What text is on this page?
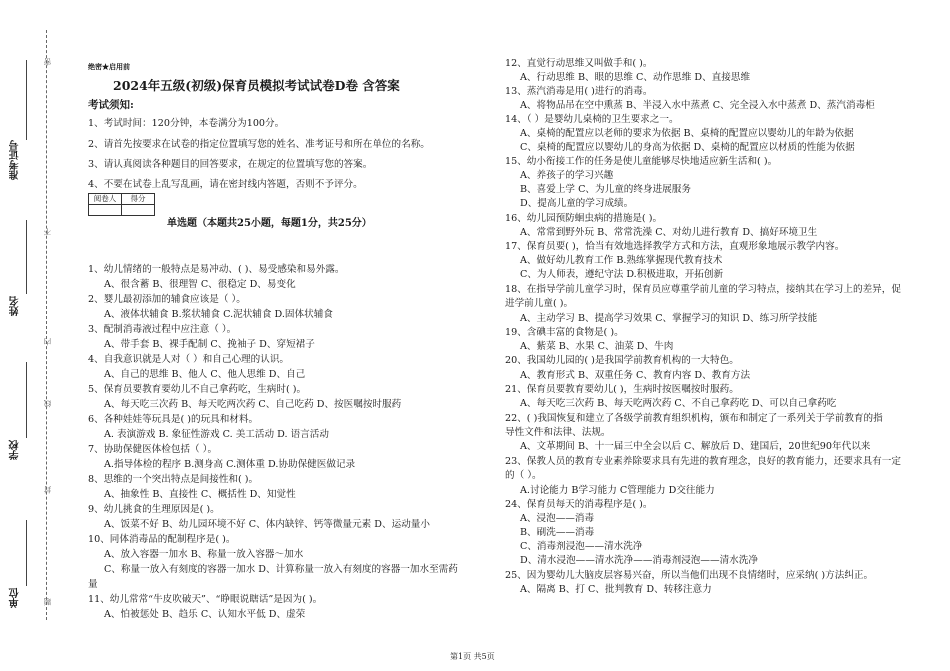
密
不
内
线
封
题
准考证号
姓名
学校
单位
绝密★启用前
2024年五级(初级)保育员模拟考试试卷D卷 含答案
考试须知:
1、考试时间：120分钟，本卷满分为100分。
2、请首先按要求在试卷的指定位置填写您的姓名、准考证号和所在单位的名称。
3、请认真阅读各种题目的回答要求，在规定的位置填写您的答案。
4、不要在试卷上乱写乱画，请在密封线内答题，否则不予评分。
阅卷人	得分

单选题（本题共25小题，每题1分，共25分）
1、幼儿情绪的一般特点是易冲动、( )、易受感染和易外露。
A、很含蓄 B、很理智 C、很稳定 D、易变化
2、婴儿最初添加的辅食应该是（ ）。
A、液体状辅食 B.浆状辅食 C.泥状辅食 D.固体状辅食
3、配制消毒液过程中应注意（ ）。
A、带手套 B、裸手配制 C、挽袖子 D、穿短裙子
4、自我意识就是人对（ ）和自己心理的认识。
A、自己的思维 B、他人 C、他人思维 D、自己
5、保育员要教育要幼儿不自己拿药吃，生病时( )。
A、每天吃三次药 B、每天吃两次药 C、自己吃药 D、按医嘱按时服药
6、各种娃娃等玩具是( )的玩具和材料。
A. 表演游戏 B. 象征性游戏 C. 美工活动 D. 语言活动
7、协助保健医体检包括（ ）。
A.指导体检的程序 B.测身高 C.测体重 D.协助保健医做记录
8、思维的一个突出特点是间接性和( )。
A、抽象性 B、直接性 C、概括性 D、知觉性
9、幼儿挑食的生理原因是( )。
A、饭菜不好 B、幼儿园环境不好 C、体内缺锌、钙等微量元素 D、运动量小
10、同体消毒品的配制程序是( )。
A、放入容器一加水 B、称量一放入容器～加水
C、称量一放入有刻度的容器一加水 D、计算称量一放入有刻度的容器一加水至需药
量
11、幼儿常常“牛皮吹破天”、“睁眼说瞎话”是因为( )。
A、怕被惩处 B、趋乐 C、认知水平低 D、虚荣
12、直觉行动思维又叫做手和( )。
A、行动思维 B、眼的思维 C、动作思维 D、直接思维
13、蒸汽消毒是用( )进行的消毒。
A、将物品吊在空中熏蒸 B、半浸入水中蒸煮 C、完全浸入水中蒸煮 D、蒸汽消毒柜
14、（ ）是婴幼儿桌椅的卫生要求之一。
A、桌椅的配置应以老师的要求为依据 B、桌椅的配置应以婴幼儿的年龄为依据
C、桌椅的配置应以婴幼儿的身高为依据 D、桌椅的配置应以材质的性能为依据
15、幼小衔接工作的任务是使儿童能够尽快地适应新生活和( )。
A、养孩子的学习兴趣
B、喜爱上学 C、为儿童的终身进展服务
D、提高儿童的学习成绩。
16、幼儿园预防蛔虫病的措施是( )。
A、常常到野外玩 B、常常洗澡 C、对幼儿进行教育 D、搞好环境卫生
17、保育员要( )，恰当有效地选择教学方式和方法，直观形象地展示教学内容。
A、做好幼儿教育工作 B.熟练掌握现代教育技术
C、为人师表，遵纪守法 D.积极进取，开拓创新
18、在指导学前儿童学习时，保育员应尊重学前儿童的学习特点，接纳其在学习上的差异，促
进学前儿童( )。
A、主动学习 B、提高学习效果 C、掌握学习的知识 D、练习所学技能
19、含碘丰富的食物是( )。
A、紫菜 B、水果 C、油菜 D、牛肉
20、我国幼儿园的( )是我国学前教育机构的一大特色。
A、教育形式 B、双重任务 C、教育内容 D、教育方法
21、保育员要教育要幼儿( )，生病时按医嘱按时服药。
A、每天吃三次药 B、每天吃两次药 C、不自己拿药吃 D、可以自己拿药吃
22、( )我国恢复和建立了各级学前教育组织机构，颁布和制定了一系列关于学前教育的指
导性文件和法律、法规。
A、文革期间 B、十一届三中全会以后 C、解放后 D、建国后，20世纪90年代以来
23、保教人员的教育专业素养除要求具有先进的教育理念，良好的教育能力，还要求具有一定
的（ ）。
A.讨论能力 B学习能力 C管理能力 D交往能力
24、保育员每天的消毒程序是( )。
A、浸泡——消毒
B、刷洗——消毒
C、消毒剂浸泡——清水洗净
D、清水浸泡——清水洗净——消毒剂浸泡——清水洗净
25、因为婴幼儿大脑皮层容易兴奋，所以当他们出现不良情绪时，应采纳( )方法纠正。
A、隔离 B、打 C、批判教育 D、转移注意力
第1页 共5页
